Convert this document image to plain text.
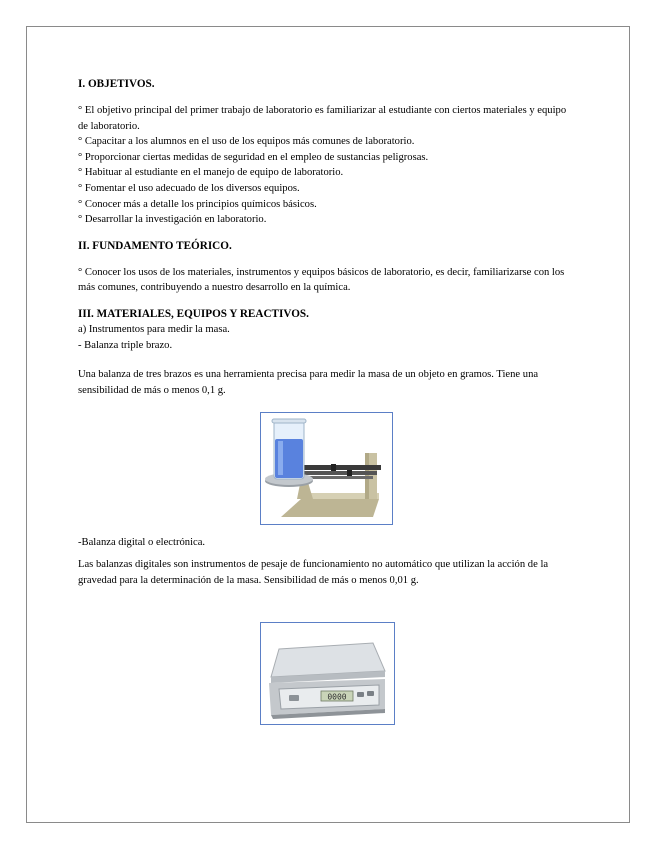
I. OBJETIVOS.

° El objetivo principal del primer trabajo de laboratorio es familiarizar al estudiante con ciertos materiales y equipo de laboratorio.

° Capacitar a los alumnos en el uso de los equipos más comunes de laboratorio.

° Proporcionar ciertas medidas de seguridad en el empleo de sustancias peligrosas.

° Habituar al estudiante en el manejo de equipo de laboratorio.

° Fomentar el uso adecuado de los diversos equipos.

° Conocer más a detalle los principios químicos básicos.

° Desarrollar la investigación en laboratorio.

II. FUNDAMENTO TEÓRICO.

° Conocer los usos de los materiales, instrumentos y equipos básicos de laboratorio, es decir, familiarizarse con los más comunes, contribuyendo a nuestro desarrollo en la química.

III. MATERIALES, EQUIPOS Y REACTIVOS.

a) Instrumentos para medir la masa.

- Balanza triple brazo.

Una balanza de tres brazos es una herramienta precisa para medir la masa de un objeto en gramos. Tiene una sensibilidad de más o menos 0,1 g.

-Balanza digital o electrónica.

Las balanzas digitales son instrumentos de pesaje de funcionamiento no automático que utilizan la acción de la gravedad para la determinación de la masa. Sensibilidad de más o menos 0,01 g.

0000
